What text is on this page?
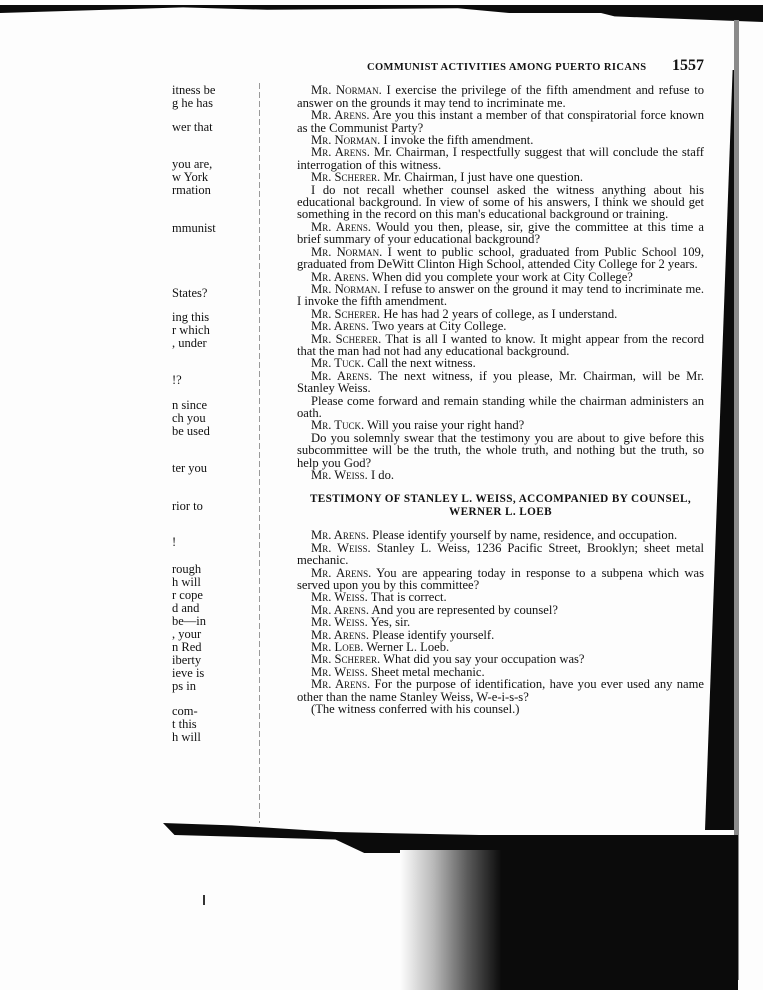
itness be
g he has
wer that
you are,
w York
rmation
mmunist
States?
ing this
r which
, under
!?
n since
ch you
be used
ter you
rior to
!
rough
h will
r cope
d and
be—in
, your
n Red
iberty
ieve is
ps in
com-
t this
h will
COMMUNIST ACTIVITIES AMONG PUERTO RICANS 1557

Mr. Norman. I exercise the privilege of the fifth amendment and refuse to answer on the grounds it may tend to incriminate me.

Mr. Arens. Are you this instant a member of that conspiratorial force known as the Communist Party?

Mr. Norman. I invoke the fifth amendment.

Mr. Arens. Mr. Chairman, I respectfully suggest that will conclude the staff interrogation of this witness.

Mr. Scherer. Mr. Chairman, I just have one question.

I do not recall whether counsel asked the witness anything about his educational background. In view of some of his answers, I think we should get something in the record on this man's educational background or training.

Mr. Arens. Would you then, please, sir, give the committee at this time a brief summary of your educational background?

Mr. Norman. I went to public school, graduated from Public School 109, graduated from DeWitt Clinton High School, attended City College for 2 years.

Mr. Arens. When did you complete your work at City College?

Mr. Norman. I refuse to answer on the ground it may tend to incriminate me. I invoke the fifth amendment.

Mr. Scherer. He has had 2 years of college, as I understand.

Mr. Arens. Two years at City College.

Mr. Scherer. That is all I wanted to know. It might appear from the record that the man had not had any educational background.

Mr. Tuck. Call the next witness.

Mr. Arens. The next witness, if you please, Mr. Chairman, will be Mr. Stanley Weiss.

Please come forward and remain standing while the chairman administers an oath.

Mr. Tuck. Will you raise your right hand?

Do you solemnly swear that the testimony you are about to give before this subcommittee will be the truth, the whole truth, and nothing but the truth, so help you God?

Mr. Weiss. I do.

TESTIMONY OF STANLEY L. WEISS, ACCOMPANIED BY COUNSEL,
WERNER L. LOEB

Mr. Arens. Please identify yourself by name, residence, and occupation.

Mr. Weiss. Stanley L. Weiss, 1236 Pacific Street, Brooklyn; sheet metal mechanic.

Mr. Arens. You are appearing today in response to a subpena which was served upon you by this committee?

Mr. Weiss. That is correct.

Mr. Arens. And you are represented by counsel?

Mr. Weiss. Yes, sir.

Mr. Arens. Please identify yourself.

Mr. Loeb. Werner L. Loeb.

Mr. Scherer. What did you say your occupation was?

Mr. Weiss. Sheet metal mechanic.

Mr. Arens. For the purpose of identification, have you ever used any name other than the name Stanley Weiss, W-e-i-s-s?

(The witness conferred with his counsel.)
